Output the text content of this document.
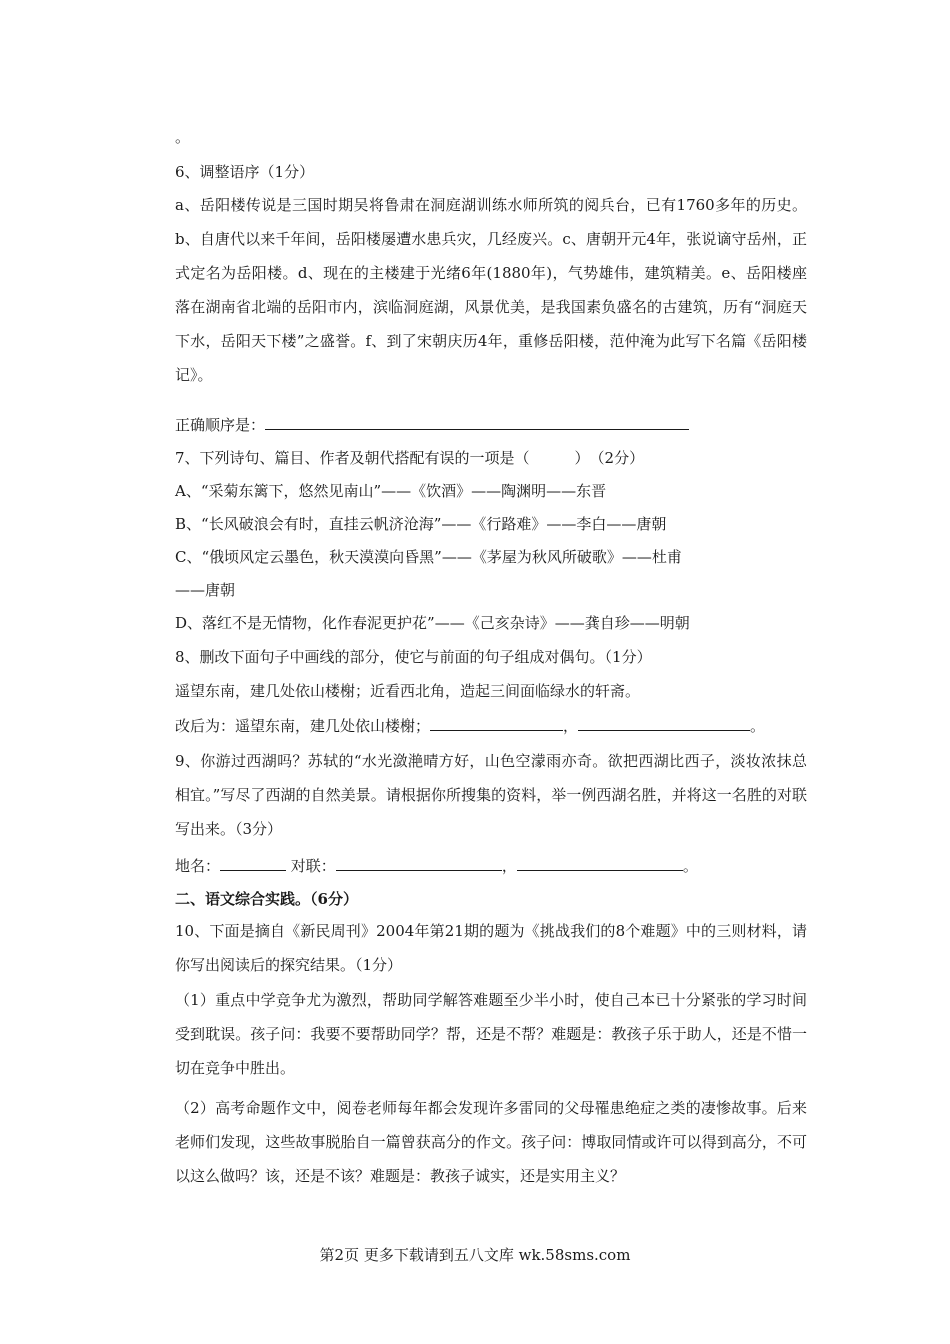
。
6、调整语序（1分）
a、岳阳楼传说是三国时期吴将鲁肃在洞庭湖训练水师所筑的阅兵台，已有1760多年的历史。b、自唐代以来千年间，岳阳楼屡遭水患兵灾，几经废兴。c、唐朝开元4年，张说谪守岳州，正式定名为岳阳楼。d、现在的主楼建于光绪6年(1880年)，气势雄伟，建筑精美。e、岳阳楼座落在湖南省北端的岳阳市内，滨临洞庭湖，风景优美，是我国素负盛名的古建筑，历有“洞庭天下水，岳阳天下楼”之盛誉。f、到了宋朝庆历4年，重修岳阳楼，范仲淹为此写下名篇《岳阳楼记》。
正确顺序是：
7、下列诗句、篇目、作者及朝代搭配有误的一项是（　　　）　（2分）
A、“采菊东篱下，悠然见南山”——《饮酒》——陶渊明——东晋
B、“长风破浪会有时，直挂云帆济沧海”——《行路难》——李白——唐朝
C、“俄顷风定云墨色，秋天漠漠向昏黑”——《茅屋为秋风所破歌》——杜甫
——唐朝
D、落红不是无情物，化作春泥更护花”——《己亥杂诗》——龚自珍——明朝
8、删改下面句子中画线的部分，使它与前面的句子组成对偶句。（1分）
遥望东南，建几处依山楼榭；近看西北角，造起三间面临绿水的轩斋。
改后为：遥望东南，建几处依山楼榭；	，	。
9、你游过西湖吗？苏轼的“水光潋滟晴方好，山色空濛雨亦奇。欲把西湖比西子，淡妆浓抹总相宜。”写尽了西湖的自然美景。请根据你所搜集的资料，举一例西湖名胜，并将这一名胜的对联写出来。（3分）
地名：	对联：	，	。
二、语文综合实践。（6分）
10、下面是摘自《新民周刊》2004年第21期的题为《挑战我们的8个难题》中的三则材料，请你写出阅读后的探究结果。（1分）
（1）重点中学竞争尤为激烈，帮助同学解答难题至少半小时，使自己本已十分紧张的学习时间受到耽误。孩子问：我要不要帮助同学？帮，还是不帮？难题是：教孩子乐于助人，还是不惜一切在竞争中胜出。
（2）高考命题作文中，阅卷老师每年都会发现许多雷同的父母罹患绝症之类的凄惨故事。后来老师们发现，这些故事脱胎自一篇曾获高分的作文。孩子问：博取同情或许可以得到高分，不可以这么做吗？该，还是不该？难题是：教孩子诚实，还是实用主义？
第2页 更多下载请到五八文库 wk.58sms.com
